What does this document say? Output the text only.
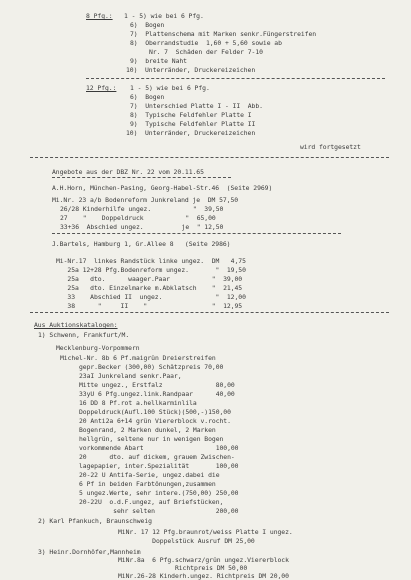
8 Pfg.: 1 - 5) wie bei 6 Pfg.
6)  Bogen
7)  Plattenschema mit Marken senkr.Füngerstreifen
8)  Oberrandstudie  1,60 + 5,60 sowie ab
Nr. 7  Schäden der Felder 7-10
9)  breite Naht
10)  Unterränder, Druckereizeichen
12 Pfg.: 1 - 5) wie bei 6 Pfg.
6)  Bogen
7)  Unterschied Platte I - II  Abb.
8)  Typische Feldfehler Platte I
9)  Typische Feldfehler Platte II
10)  Unterränder, Druckereizeichen
wird fortgesetzt
Angebote aus der DBZ Nr. 22 vom 20.11.65
A.H.Horn, München-Pasing, Georg-Habel-Str.46  (Seite 2969)
Mi.Nr. 23 a/b Bodenreform Junkreland je  DM 57,50
26/28 Kinderhilfe ungez.           "  39,50
27    "    Doppeldruck           "  65,00
33+36  Abschied ungez.          je  " 12,50
J.Bartels, Hamburg 1, Gr.Allee 8   (Seite 2986)
Mi-Nr.17  linkes Randstück linke ungez.  DM   4,75
25a 12+28 Pfg.Bodenreform ungez.       "  19,50
25a   dto.      waager.Paar           "  39,00
25a   dto. Einzelmarke m.Abklatsch    "  21,45
33    Abschied II  ungez.              "  12,00
38      "     II    "                 "  12,95
Aus Auktionskatalogen:
1) Schwenn, Frankfurt/M.
Mecklenburg-Vorpommern
Michel-Nr. 8b 6 Pf.maigrün Dreierstreifen
gepr.Becker (300,00) Schätzpreis 70,00
23aI Junkreland senkr.Paar,
Mitte ungez., Erstfalz              80,00
33yU 6 Pfg.ungez.link.Randpaar      40,00
16 DD 8 Pf.rot a.hellkarminlila
Doppeldruck(Aufl.100 Stück)(500,-)150,00
20 Anti2a 6+14 grün Viererblock v.rocht.
Bogenrand, 2 Marken dunkel, 2 Marken
hellgrün, seltene nur in wenigen Bogen
vorkommende Abart                   100,00
20      dto. auf dickem, grauem Zwischen-
lagepapier, inter.Spezialität       100,00
20-22 U Antifa-Serie, ungez.dabei die
6 Pf in beiden Farbtönungen,zusammen
5 ungez.Werte, sehr intere.(750,00) 250,00
20-22U  o.d.F.ungez, auf Briefstücken,
sehr selten                200,00
2) Karl Pfankuch, Braunschweig
MiNr. 17 12 Pfg.braunrot/weiss Platte I ungez.
Doppelstück Ausruf DM 25,00
3) Heinr.Dornhöfer,Mannheim
MiNr.8a  6 Pfg.schwarz/grün ungez.Viererblock
Richtpreis DM 50,00
MiNr.26-28 Kinderh.ungez. Richtpreis DM 20,00
